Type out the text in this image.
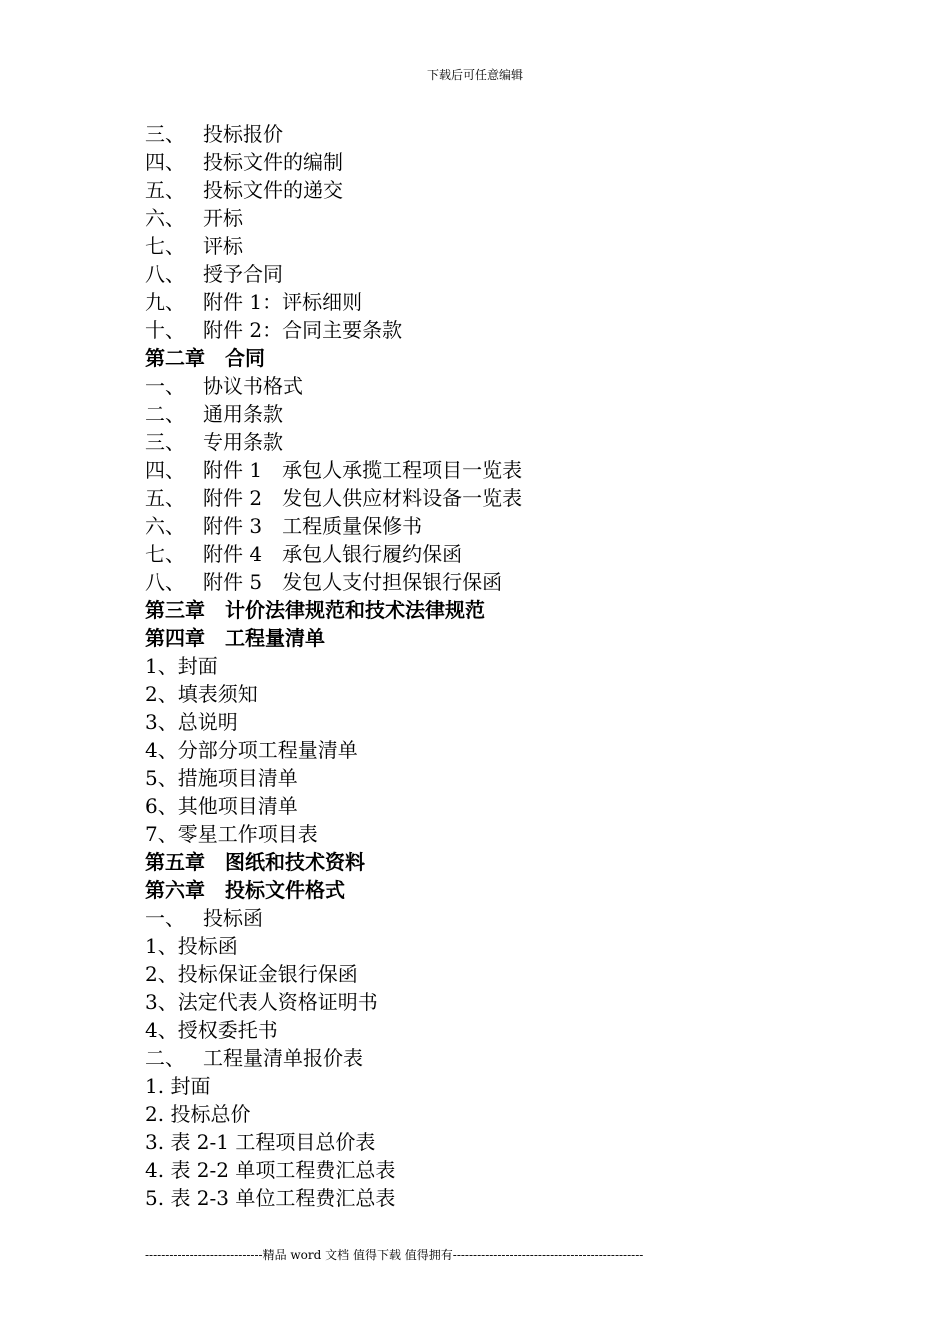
下载后可任意编辑
三、 投标报价
四、 投标文件的编制
五、 投标文件的递交
六、 开标
七、 评标
八、 授予合同
九、 附件 1：评标细则
十、 附件 2：合同主要条款
第二章　合同
一、 协议书格式
二、 通用条款
三、 专用条款
四、 附件 1　承包人承揽工程项目一览表
五、 附件 2　发包人供应材料设备一览表
六、 附件 3　工程质量保修书
七、 附件 4　承包人银行履约保函
八、 附件 5　发包人支付担保银行保函
第三章　计价法律规范和技术法律规范
第四章　工程量清单
1、封面
2、填表须知
3、总说明
4、分部分项工程量清单
5、措施项目清单
6、其他项目清单
7、零星工作项目表
第五章　图纸和技术资料
第六章　投标文件格式
一、 投标函
1、投标函
2、投标保证金银行保函
3、法定代表人资格证明书
4、授权委托书
二、 工程量清单报价表
1. 封面
2. 投标总价
3. 表 2-1 工程项目总价表
4. 表 2-2 单项工程费汇总表
5. 表 2-3 单位工程费汇总表
-----------------------------精品 word 文档 值得下载 值得拥有-----------------------------------------------
